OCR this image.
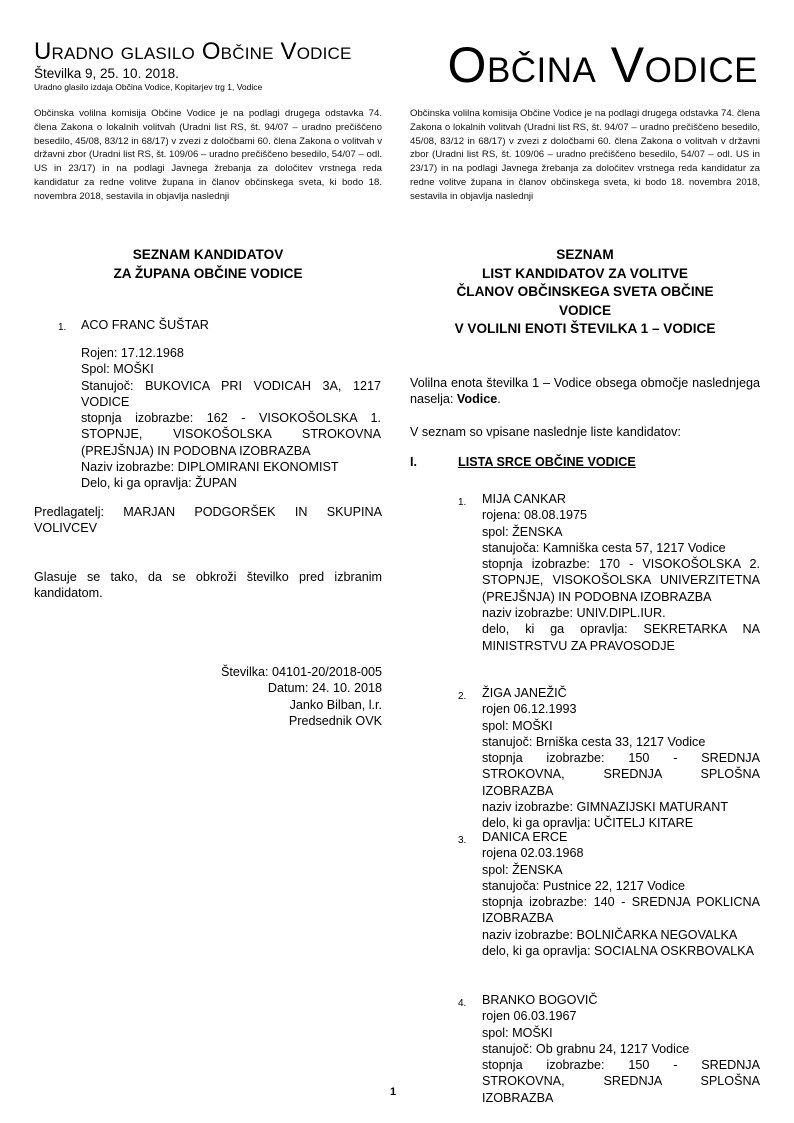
Uradno glasilo Občine Vodice
Številka 9, 25. 10. 2018.
Uradno glasilo izdaja Občina Vodice, Kopitarjev trg 1, Vodice	Občina Vodice
Občinska volilna komisija Občine Vodice je na podlagi drugega odstavka 74. člena Zakona o lokalnih volitvah (Uradni list RS, št. 94/07 – uradno prečiščeno besedilo, 45/08, 83/12 in 68/17) v zvezi z določbami 60. člena Zakona o volitvah v državni zbor (Uradni list RS, št. 109/06 – uradno prečiščeno besedilo, 54/07 – odl. US in 23/17) in na podlagi Javnega žrebanja za določitev vrstnega reda kandidatur za redne volitve župana in članov občinskega sveta, ki bodo 18. novembra 2018, sestavila in objavlja naslednji
Občinska volilna komisija Občine Vodice je na podlagi drugega odstavka 74. člena Zakona o lokalnih volitvah (Uradni list RS, št. 94/07 – uradno prečiščeno besedilo, 45/08, 83/12 in 68/17) v zvezi z določbami 60. člena Zakona o volitvah v državni zbor (Uradni list RS, št. 109/06 – uradno prečiščeno besedilo, 54/07 – odl. US in 23/17) in na podlagi Javnega žrebanja za določitev vrstnega reda kandidatur za redne volitve župana in članov občinskega sveta, ki bodo 18. novembra 2018, sestavila in objavlja naslednji
SEZNAM KANDIDATOV
ZA ŽUPANA OBČINE VODICE
1. ACO FRANC ŠUŠTAR
Rojen: 17.12.1968
Spol: MOŠKI
Stanujoč: BUKOVICA PRI VODICAH 3A, 1217 VODICE
stopnja izobrazbe: 162 - VISOKOŠOLSKA 1. STOPNJE, VISOKOŠOLSKA STROKOVNA (PREJŠNJA) IN PODOBNA IZOBRAZBA
Naziv izobrazbe: DIPLOMIRANI EKONOMIST
Delo, ki ga opravlja: ŽUPAN
Predlagatelj: MARJAN PODGORŠEK IN SKUPINA VOLIVCEV
Glasuje se tako, da se obkroži številko pred izbranim kandidatom.
Številka: 04101-20/2018-005
Datum: 24. 10. 2018
Janko Bilban, l.r.
Predsednik OVK
SEZNAM
LIST KANDIDATOV ZA VOLITVE
ČLANOV OBČINSKEGA SVETA OBČINE
VODICE
V VOLILNI ENOTI ŠTEVILKA 1 – VODICE
Volilna enota številka 1 – Vodice obsega območje naslednjega naselja: Vodice.
V seznam so vpisane naslednje liste kandidatov:
I.	LISTA SRCE OBČINE VODICE
1. MIJA CANKAR
rojena: 08.08.1975
spol: ŽENSKA
stanujoča: Kamniška cesta 57, 1217 Vodice
stopnja izobrazbe: 170 - VISOKOŠOLSKA 2. STOPNJE, VISOKOŠOLSKA UNIVERZITETNA (PREJŠNJA) IN PODOBNA IZOBRAZBA
naziv izobrazbe: UNIV.DIPL.IUR.
delo, ki ga opravlja: SEKRETARKA NA MINISTRSTVU ZA PRAVOSODJE
2. ŽIGA JANEŽIČ
rojen 06.12.1993
spol: MOŠKI
stanujoč: Brniška cesta 33, 1217 Vodice
stopnja izobrazbe: 150 - SREDNJA STROKOVNA, SREDNJA SPLOŠNA IZOBRAZBA
naziv izobrazbe: GIMNAZIJSKI MATURANT
delo, ki ga opravlja: UČITELJ KITARE
3. DANICA ERCE
rojena 02.03.1968
spol: ŽENSKA
stanujoča: Pustnice 22, 1217 Vodice
stopnja izobrazbe: 140 - SREDNJA POKLICNA IZOBRAZBA
naziv izobrazbe: BOLNIČARKA NEGOVALKA
delo, ki ga opravlja: SOCIALNA OSKRBOVALKA
4. BRANKO BOGOVIČ
rojen 06.03.1967
spol: MOŠKI
stanujoč: Ob grabnu 24, 1217 Vodice
stopnja izobrazbe: 150 - SREDNJA STROKOVNA, SREDNJA SPLOŠNA IZOBRAZBA
1
